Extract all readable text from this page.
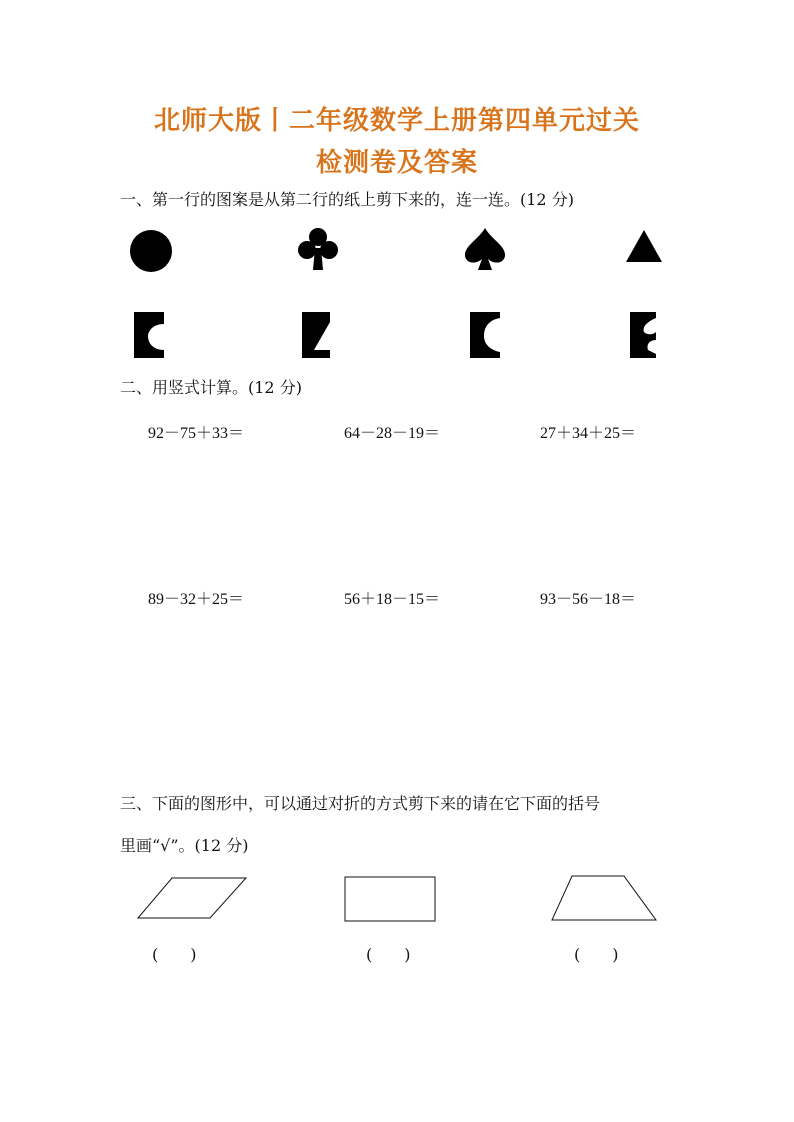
北师大版丨二年级数学上册第四单元过关
检测卷及答案
一、第一行的图案是从第二行的纸上剪下来的，连一连。(12 分)
二、用竖式计算。(12 分)
92－75＋33＝	64－28－19＝	27＋34＋25＝
89－32＋25＝	56＋18－15＝	93－56－18＝
三、下面的图形中，可以通过对折的方式剪下来的请在它下面的括号
里画“√”。(12 分)
(　　)	(　　)	(　　)
